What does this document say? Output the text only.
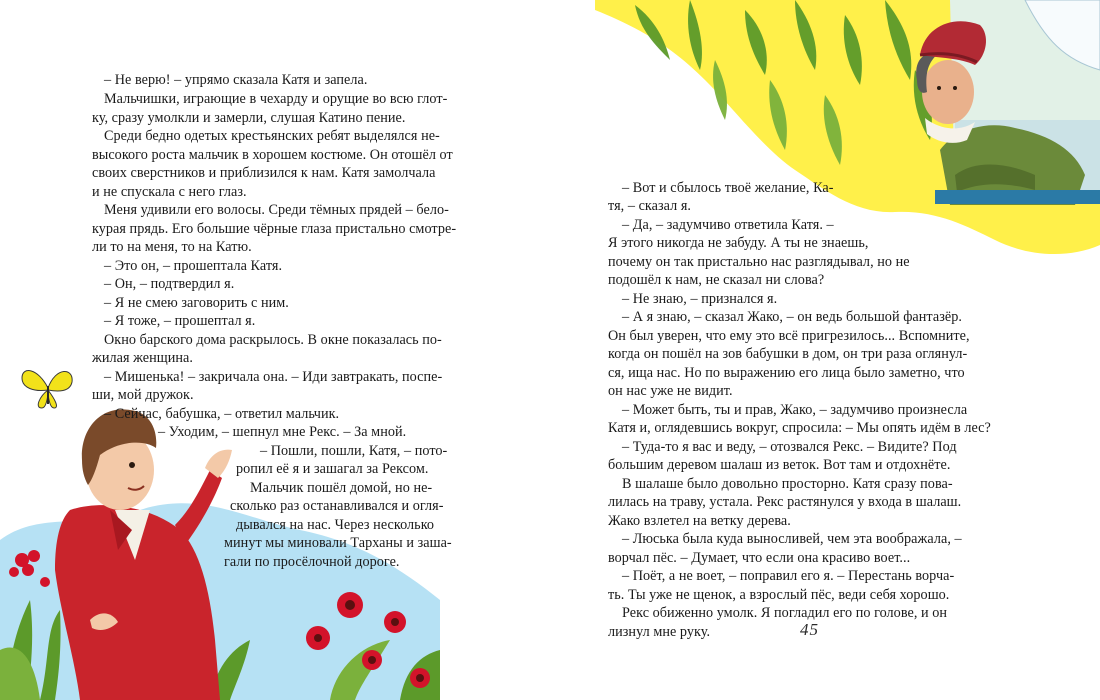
– Не верю! – упрямо сказала Катя и запела.
Мальчишки, играющие в чехарду и орущие во всю глот-
ку, сразу умолкли и замерли, слушая Катино пение.
Среди бедно одетых крестьянских ребят выделялся не-
высокого роста мальчик в хорошем костюме. Он отошёл от
своих сверстников и приблизился к нам. Катя замолчала
и не спускала с него глаз.
Меня удивили его волосы. Среди тёмных прядей – бело-
курая прядь. Его большие чёрные глаза пристально смотре-
ли то на меня, то на Катю.
– Это он, – прошептала Катя.
– Он, – подтвердил я.
– Я не смею заговорить с ним.
– Я тоже, – прошептал я.
Окно барского дома раскрылось. В окне показалась по-
жилая женщина.
– Мишенька! – закричала она. – Иди завтракать, поспе-
ши, мой дружок.
– Сейчас, бабушка, – ответил мальчик.
– Уходим, – шепнул мне Рекс. – За мной.
– Пошли, пошли, Катя, – пото-
ропил её я и зашагал за Рексом.
Мальчик пошёл домой, но не-
сколько раз останавливался и огля-
дывался на нас. Через несколько
минут мы миновали Тарханы и заша-
гали по просёлочной дороге.
– Вот и сбылось твоё желание, Ка-
тя, – сказал я.
– Да, – задумчиво ответила Катя. –
Я этого никогда не забуду. А ты не знаешь,
почему он так пристально нас разглядывал, но не
подошёл к нам, не сказал ни слова?
– Не знаю, – признался я.
– А я знаю, – сказал Жако, – он ведь большой фантазёр.
Он был уверен, что ему это всё пригрезилось... Вспомните,
когда он пошёл на зов бабушки в дом, он три раза оглянул-
ся, ища нас. Но по выражению его лица было заметно, что
он нас уже не видит.
– Может быть, ты и прав, Жако, – задумчиво произнесла
Катя и, оглядевшись вокруг, спросила: – Мы опять идём в лес?
– Туда-то я вас и веду, – отозвался Рекс. – Видите? Под
большим деревом шалаш из веток. Вот там и отдохнёте.
В шалаше было довольно просторно. Катя сразу пова-
лилась на траву, устала. Рекс растянулся у входа в шалаш.
Жако взлетел на ветку дерева.
– Люська была куда выносливей, чем эта воображала, –
ворчал пёс. – Думает, что если она красиво воет...
– Поёт, а не воет, – поправил его я. – Перестань ворча-
ть. Ты уже не щенок, а взрослый пёс, веди себя хорошо.
Рекс обиженно умолк. Я погладил его по голове, и он
лизнул мне руку.	45
